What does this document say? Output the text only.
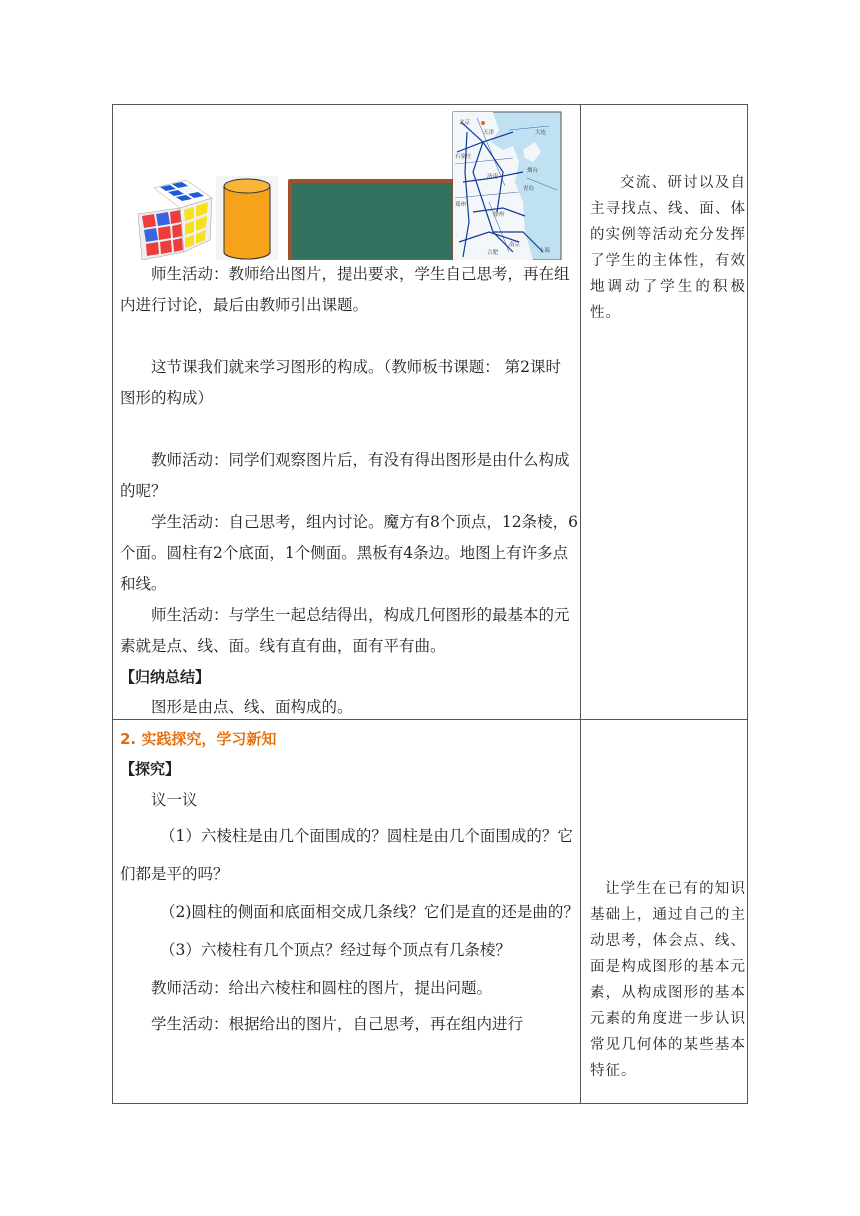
北京
天津	大连
石家庄
烟台
济南
青岛
郑州
徐州
南京
合肥	上海

师生活动：教师给出图片，提出要求，学生自己思考，再在组内进行讨论，最后由教师引出课题。

这节课我们就来学习图形的构成。（教师板书课题： 第2课时　图形的构成）

教师活动：同学们观察图片后，有没有得出图形是由什么构成的呢？

学生活动：自己思考，组内讨论。魔方有8个顶点，12条棱，6个面。圆柱有2个底面，1个侧面。黑板有4条边。地图上有许多点和线。

师生活动：与学生一起总结得出，构成几何图形的最基本的元素就是点、线、面。线有直有曲，面有平有曲。

【归纳总结】

图形是由点、线、面构成的。

交流、研讨以及自主寻找点、线、面、体的实例等活动充分发挥了学生的主体性，有效地调动了学生的积极性。

2. 实践探究，学习新知

【探究】

议一议

（1）六棱柱是由几个面围成的？圆柱是由几个面围成的？它们都是平的吗？

（2)圆柱的侧面和底面相交成几条线？它们是直的还是曲的？

（3）六棱柱有几个顶点？经过每个顶点有几条棱？

教师活动：给出六棱柱和圆柱的图片，提出问题。

学生活动：根据给出的图片，自己思考，再在组内进行

让学生在已有的知识基础上，通过自己的主动思考，体会点、线、面是构成图形的基本元素，从构成图形的基本元素的角度进一步认识常见几何体的某些基本特征。
